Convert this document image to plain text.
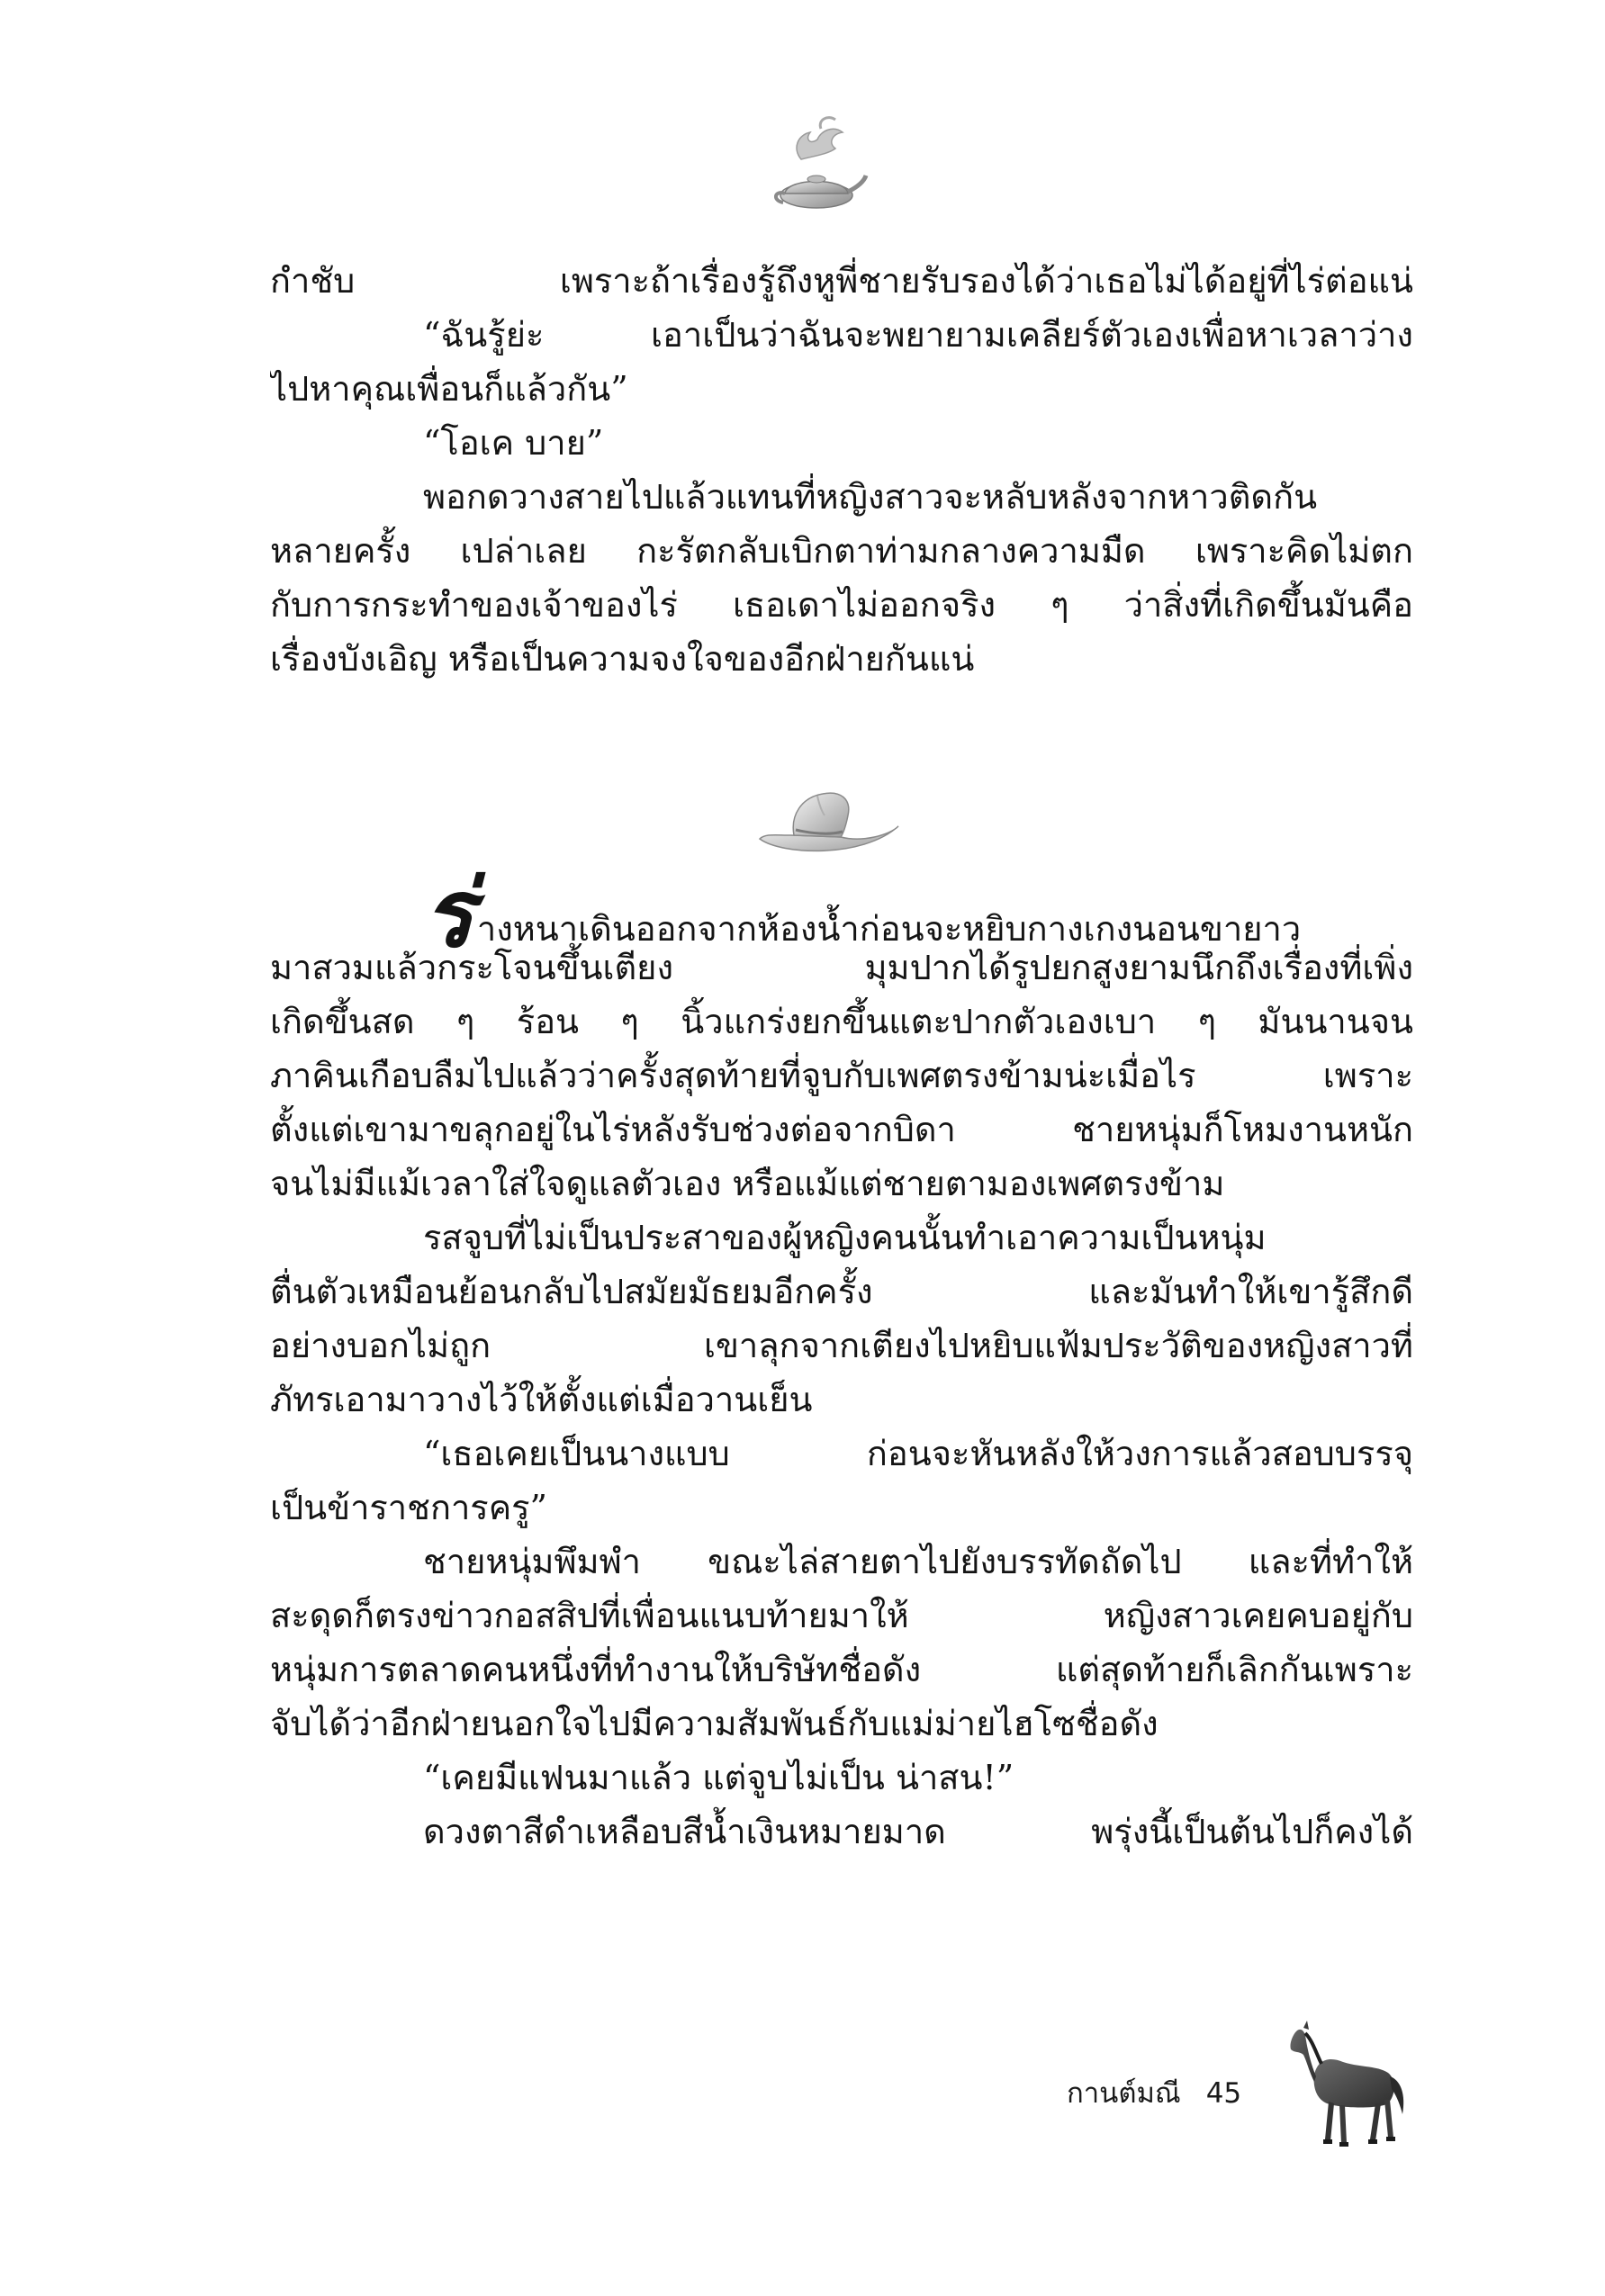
กำชับ เพราะถ้าเรื่องรู้ถึงหูพี่ชายรับรองได้ว่าเธอไม่ได้อยู่ที่ไร่ต่อแน่
“ฉันรู้ย่ะ เอาเป็นว่าฉันจะพยายามเคลียร์ตัวเองเพื่อหาเวลาว่าง
ไปหาคุณเพื่อนก็แล้วกัน”
“โอเค บาย”
พอกดวางสายไปแล้วแทนที่หญิงสาวจะหลับหลังจากหาวติดกัน
หลายครั้ง เปล่าเลย กะรัตกลับเบิกตาท่ามกลางความมืด เพราะคิดไม่ตก
กับการกระทำของเจ้าของไร่ เธอเดาไม่ออกจริง ๆ ว่าสิ่งที่เกิดขึ้นมันคือ
เรื่องบังเอิญ หรือเป็นความจงใจของอีกฝ่ายกันแน่
ร่างหนาเดินออกจากห้องน้ำก่อนจะหยิบกางเกงนอนขายาว
มาสวมแล้วกระโจนขึ้นเตียง มุมปากได้รูปยกสูงยามนึกถึงเรื่องที่เพิ่ง
เกิดขึ้นสด ๆ ร้อน ๆ นิ้วแกร่งยกขึ้นแตะปากตัวเองเบา ๆ มันนานจน
ภาคินเกือบลืมไปแล้วว่าครั้งสุดท้ายที่จูบกับเพศตรงข้ามน่ะเมื่อไร เพราะ
ตั้งแต่เขามาขลุกอยู่ในไร่หลังรับช่วงต่อจากบิดา ชายหนุ่มก็โหมงานหนัก
จนไม่มีแม้เวลาใส่ใจดูแลตัวเอง หรือแม้แต่ชายตามองเพศตรงข้าม
รสจูบที่ไม่เป็นประสาของผู้หญิงคนนั้นทำเอาความเป็นหนุ่ม
ตื่นตัวเหมือนย้อนกลับไปสมัยมัธยมอีกครั้ง และมันทำให้เขารู้สึกดี
อย่างบอกไม่ถูก เขาลุกจากเตียงไปหยิบแฟ้มประวัติของหญิงสาวที่
ภัทรเอามาวางไว้ให้ตั้งแต่เมื่อวานเย็น
“เธอเคยเป็นนางแบบ ก่อนจะหันหลังให้วงการแล้วสอบบรรจุ
เป็นข้าราชการครู”
ชายหนุ่มพึมพำ ขณะไล่สายตาไปยังบรรทัดถัดไป และที่ทำให้
สะดุดก็ตรงข่าวกอสสิปที่เพื่อนแนบท้ายมาให้ หญิงสาวเคยคบอยู่กับ
หนุ่มการตลาดคนหนึ่งที่ทำงานให้บริษัทชื่อดัง แต่สุดท้ายก็เลิกกันเพราะ
จับได้ว่าอีกฝ่ายนอกใจไปมีความสัมพันธ์กับแม่ม่ายไฮโซชื่อดัง
“เคยมีแฟนมาแล้ว แต่จูบไม่เป็น น่าสน!”
ดวงตาสีดำเหลือบสีน้ำเงินหมายมาด พรุ่งนี้เป็นต้นไปก็คงได้
กานต์มณี 45
